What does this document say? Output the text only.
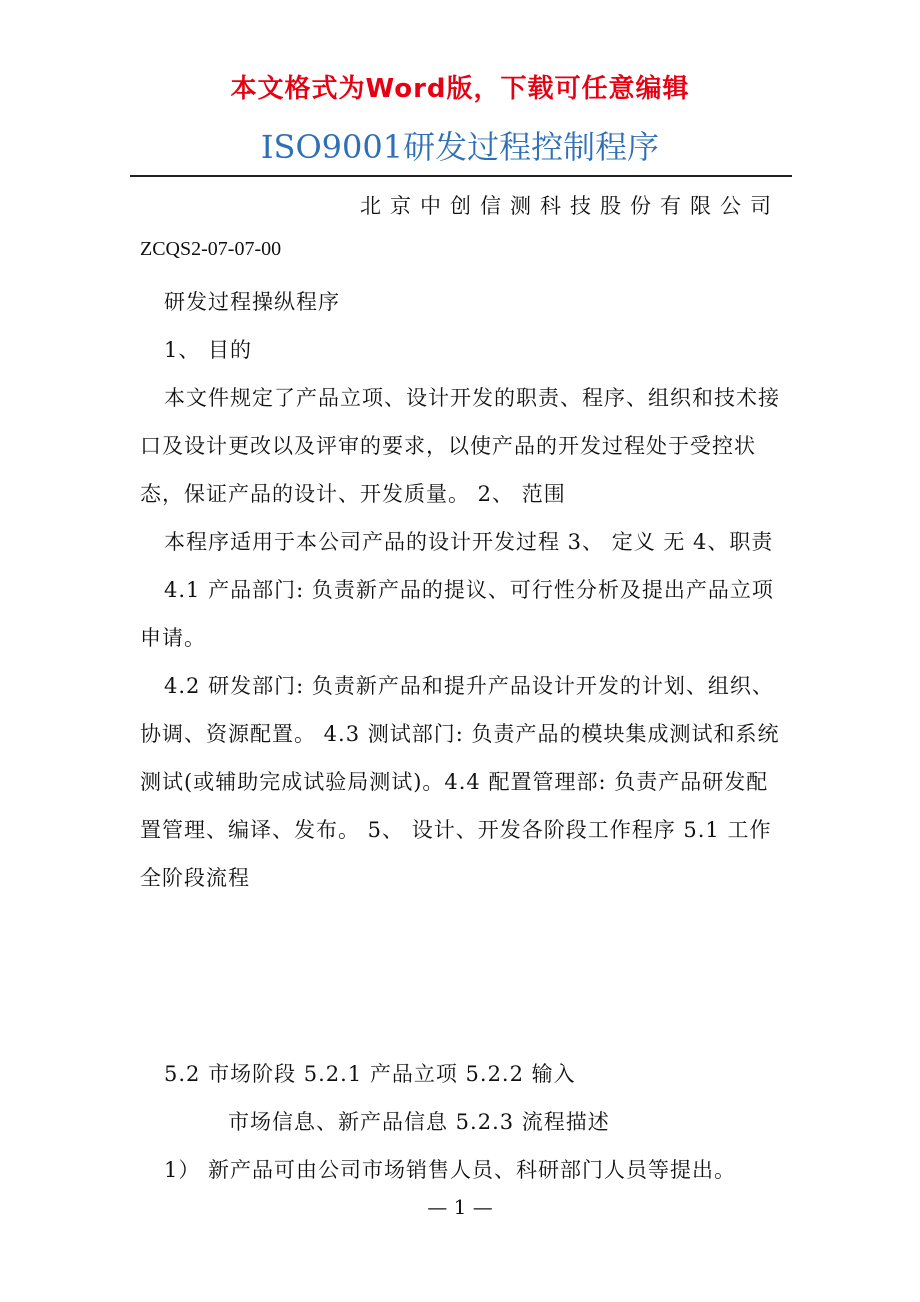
本文格式为Word版，下载可任意编辑
ISO9001研发过程控制程序
北京中创信测科技股份有限公司
ZCQS2-07-07-00

研发过程操纵程序

1、 目的

本文件规定了产品立项、设计开发的职责、程序、组织和技术接口及设计更改以及评审的要求，以使产品的开发过程处于受控状态，保证产品的设计、开发质量。 2、 范围

本程序适用于本公司产品的设计开发过程 3、 定义 无 4、职责

4.1 产品部门: 负责新产品的提议、可行性分析及提出产品立项申请。

4.2 研发部门: 负责新产品和提升产品设计开发的计划、组织、协调、资源配置。 4.3 测试部门: 负责产品的模块集成测试和系统测试(或辅助完成试验局测试)。4.4 配置管理部: 负责产品研发配置管理、编译、发布。 5、 设计、开发各阶段工作程序 5.1 工作全阶段流程

5.2 市场阶段 5.2.1 产品立项 5.2.2 输入
市场信息、新产品信息 5.2.3 流程描述
1） 新产品可由公司市场销售人员、科研部门人员等提出。
— 1 —
